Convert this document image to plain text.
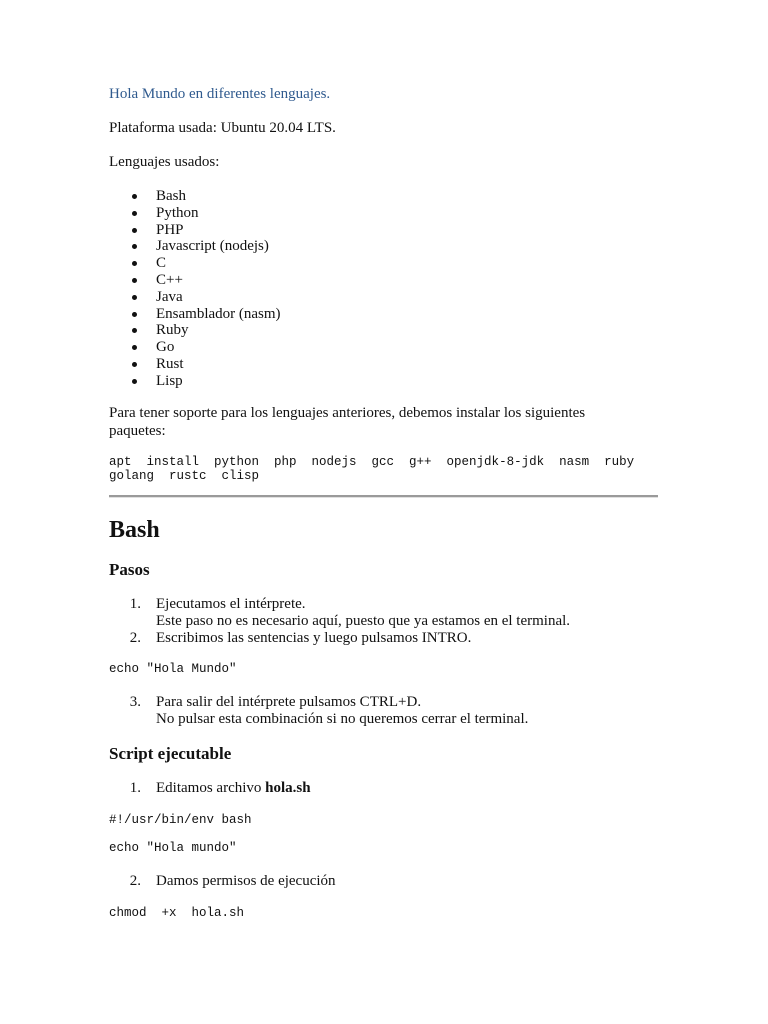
Hola Mundo en diferentes lenguajes.
Plataforma usada: Ubuntu 20.04 LTS.
Lenguajes usados:
Bash
Python
PHP
Javascript (nodejs)
C
C++
Java
Ensamblador (nasm)
Ruby
Go
Rust
Lisp
Para tener soporte para los lenguajes anteriores, debemos instalar los siguientes
paquetes:
apt  install  python  php  nodejs  gcc  g++  openjdk-8-jdk  nasm  ruby
golang  rustc  clisp
Bash
Pasos
1. Ejecutamos el intérprete.
Este paso no es necesario aquí, puesto que ya estamos en el terminal.
2. Escribimos las sentencias y luego pulsamos INTRO.
echo "Hola Mundo"
3. Para salir del intérprete pulsamos CTRL+D.
No pulsar esta combinación si no queremos cerrar el terminal.
Script ejecutable
1. Editamos archivo hola.sh
#!/usr/bin/env bash
echo "Hola mundo"
2. Damos permisos de ejecución
chmod  +x  hola.sh
